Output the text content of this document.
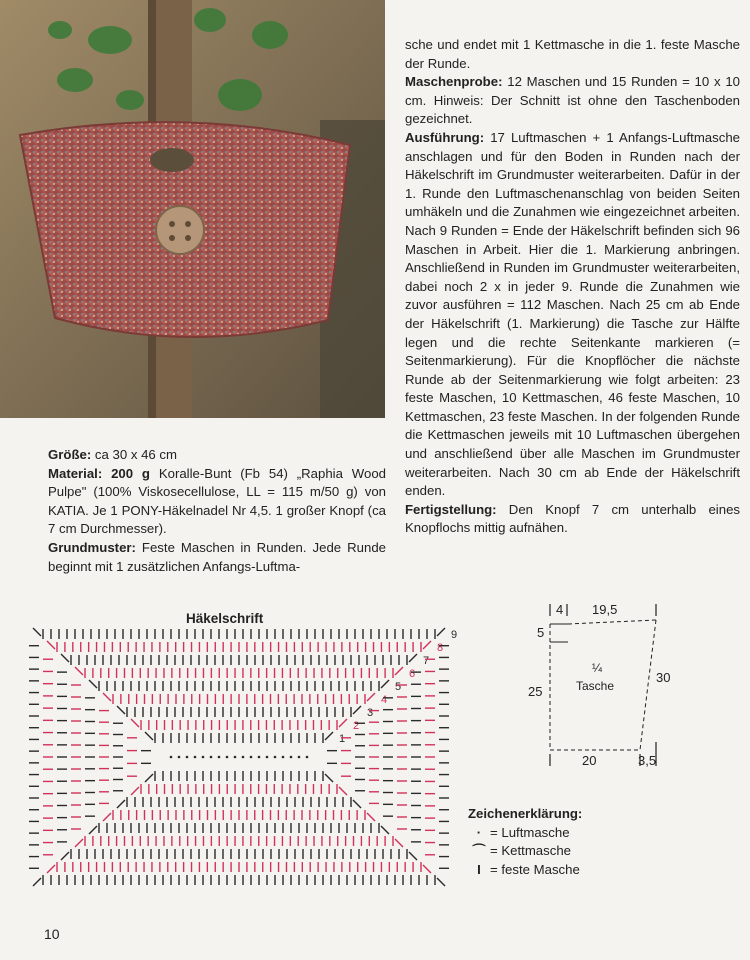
sche und endet mit 1 Kettmasche in die 1. feste Masche der Runde.
Maschenprobe: 12 Maschen und 15 Runden = 10 x 10 cm. Hinweis: Der Schnitt ist ohne den Taschenboden gezeichnet.
Ausführung: 17 Luftmaschen + 1 Anfangs-Luftmasche anschlagen und für den Boden in Runden nach der Häkelschrift im Grundmuster weiterarbeiten. Dafür in der 1. Runde den Luftmaschenanschlag von beiden Seiten umhäkeln und die Zunahmen wie eingezeichnet arbeiten. Nach 9 Runden = Ende der Häkelschrift befinden sich 96 Maschen in Arbeit. Hier die 1. Markierung anbringen. Anschließend in Runden im Grundmuster weiterarbeiten, dabei noch 2 x in jeder 9. Runde die Zunahmen wie zuvor ausführen = 112 Maschen. Nach 25 cm ab Ende der Häkelschrift (1. Markierung) die Tasche zur Hälfte legen und die rechte Seitenkante markieren (= Seitenmarkierung). Für die Knopflöcher die nächste Runde ab der Seitenmarkierung wie folgt arbeiten: 23 feste Maschen, 10 Kettmaschen, 46 feste Maschen, 10 Kettmaschen, 23 feste Maschen. In der folgenden Runde die Kettmaschen jeweils mit 10 Luftmaschen übergehen und anschließend über alle Maschen im Grundmuster weiterarbeiten. Nach 30 cm ab Ende der Häkelschrift enden.
Fertigstellung: Den Knopf 7 cm unterhalb eines Knopflochs mittig aufnähen.

Größe: ca 30 x 46 cm
Material: 200 g Koralle-Bunt (Fb 54) „Raphia Wood Pulpe" (100% Viskosecellulose, LL = 115 m/50 g) von KATIA. Je 1 PONY-Häkelnadel Nr 4,5. 1 großer Knopf (ca 7 cm Durchmesser).
Grundmuster: Feste Maschen in Runden. Jede Runde beginnt mit 1 zusätzlichen Anfangs-Luftma-

Häkelschrift
1
2
3
4
5
6
7
8
9
4 19,5
5
25
30
¼
Tasche
20	3,5
Zeichenerklärung:
· = Luftmasche
⌒ = Kettmasche
I = feste Masche
10
